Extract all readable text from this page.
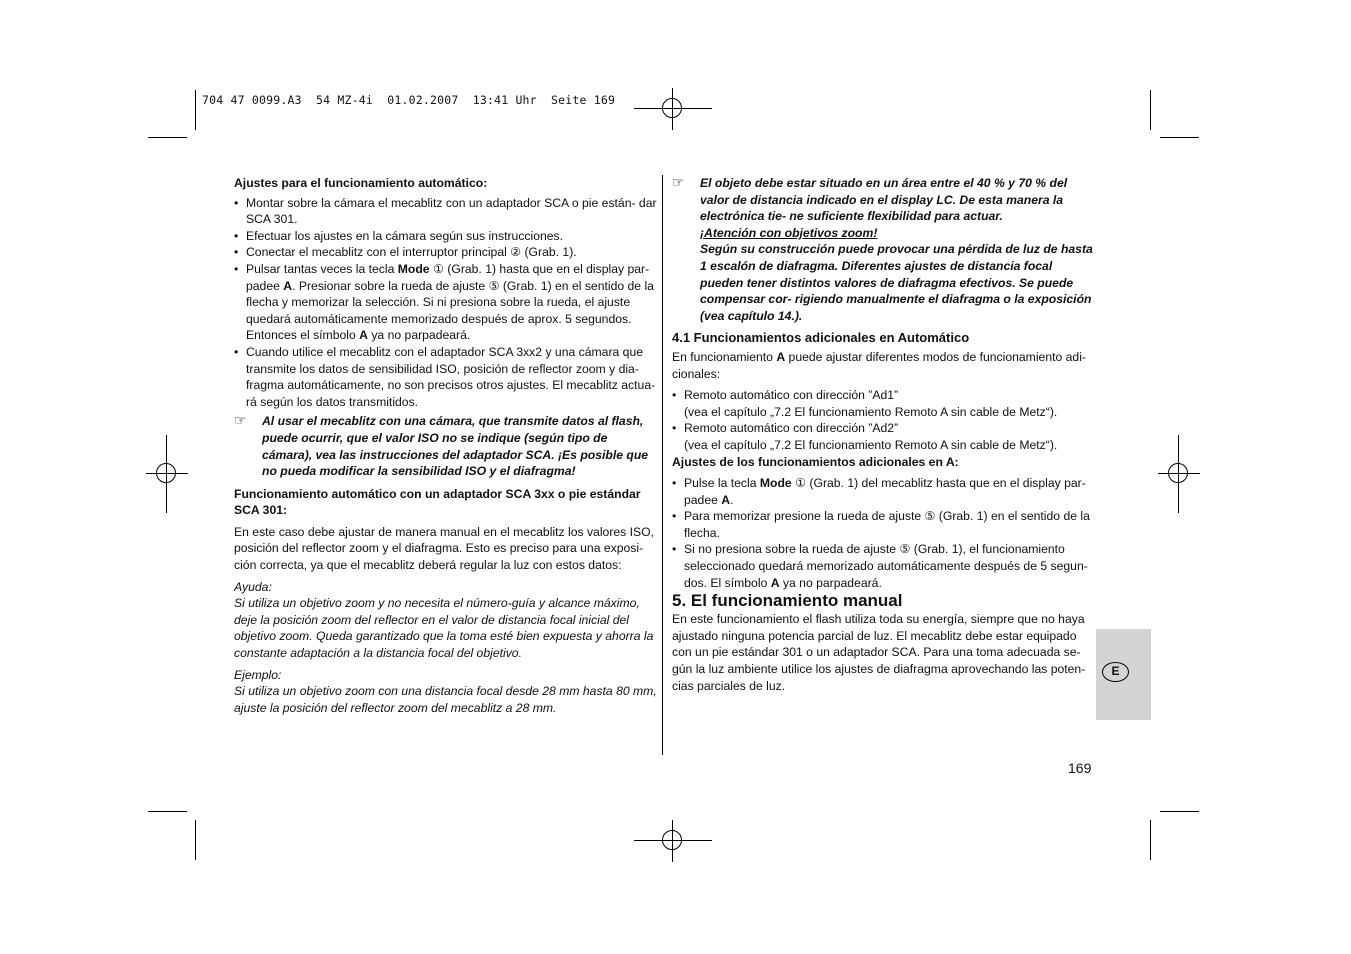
704 47 0099.A3  54 MZ-4i  01.02.2007  13:41 Uhr  Seite 169

Ajustes para el funcionamiento automático:

• Montar sobre la cámara el mecablitz con un adaptador SCA o pie están- dar SCA 301.

• Efectuar los ajustes en la cámara según sus instrucciones.

• Conectar el mecablitz con el interruptor principal ② (Grab. 1).

• Pulsar tantas veces la tecla Mode ① (Grab. 1) hasta que en el display par- padee A. Presionar sobre la rueda de ajuste ⑤ (Grab. 1) en el sentido de la flecha y memorizar la selección. Si ni presiona sobre la rueda, el ajuste quedará automáticamente memorizado después de aprox. 5 segundos. Entonces el símbolo A ya no parpadeará.

• Cuando utilice el mecablitz con el adaptador SCA 3xx2 y una cámara que transmite los datos de sensibilidad ISO, posición de reflector zoom y dia- fragma automáticamente, no son precisos otros ajustes. El mecablitz actua- rá según los datos transmitidos.

☞ Al usar el mecablitz con una cámara, que transmite datos al flash, puede ocurrir, que el valor ISO no se indique (según tipo de cámara), vea las instrucciones del adaptador SCA. ¡Es posible que no pueda modificar la sensibilidad ISO y el diafragma!

Funcionamiento automático con un adaptador SCA 3xx o pie estándar SCA 301:

En este caso debe ajustar de manera manual en el mecablitz los valores ISO, posición del reflector zoom y el diafragma. Esto es preciso para una exposi- ción correcta, ya que el mecablitz deberá regular la luz con estos datos:

Ayuda:

Si utiliza un objetivo zoom y no necesita el número-guía y alcance máximo, deje la posición zoom del reflector en el valor de distancia focal inicial del objetivo zoom. Queda garantizado que la toma esté bien expuesta y ahorra la constante adaptación a la distancia focal del objetivo.

Ejemplo:

Si utiliza un objetivo zoom con una distancia focal desde 28 mm hasta 80 mm, ajuste la posición del reflector zoom del mecablitz a 28 mm.

☞ El objeto debe estar situado en un área entre el 40 % y 70 % del valor de distancia indicado en el display LC. De esta manera la electrónica tie- ne suficiente flexibilidad para actuar.
¡Atención con objetivos zoom!
Según su construcción puede provocar una pérdida de luz de hasta 1 escalón de diafragma. Diferentes ajustes de distancia focal pueden tener distintos valores de diafragma efectivos. Se puede compensar cor- rigiendo manualmente el diafragma o la exposición (vea capítulo 14.).

4.1 Funcionamientos adicionales en Automático

En funcionamiento A puede ajustar diferentes modos de funcionamiento adi- cionales:

• Remoto automático con dirección ”Ad1”
(vea el capítulo „7.2 El funcionamiento Remoto A sin cable de Metz“).

• Remoto automático con dirección ”Ad2”
(vea el capítulo „7.2 El funcionamiento Remoto A sin cable de Metz“).

Ajustes de los funcionamientos adicionales en A:

• Pulse la tecla Mode ① (Grab. 1) del mecablitz hasta que en el display par- padee A.

• Para memorizar presione la rueda de ajuste ⑤ (Grab. 1) en el sentido de la flecha.

• Si no presiona sobre la rueda de ajuste ⑤ (Grab. 1), el funcionamiento seleccionado quedará memorizado automáticamente después de 5 segun- dos. El símbolo A ya no parpadeará.

5. El funcionamiento manual

En este funcionamiento el flash utiliza toda su energía, siempre que no haya ajustado ninguna potencia parcial de luz. El mecablitz debe estar equipado con un pie estándar 301 o un adaptador SCA. Para una toma adecuada se- gún la luz ambiente utilice los ajustes de diafragma aprovechando las poten- cias parciales de luz.

E
169
